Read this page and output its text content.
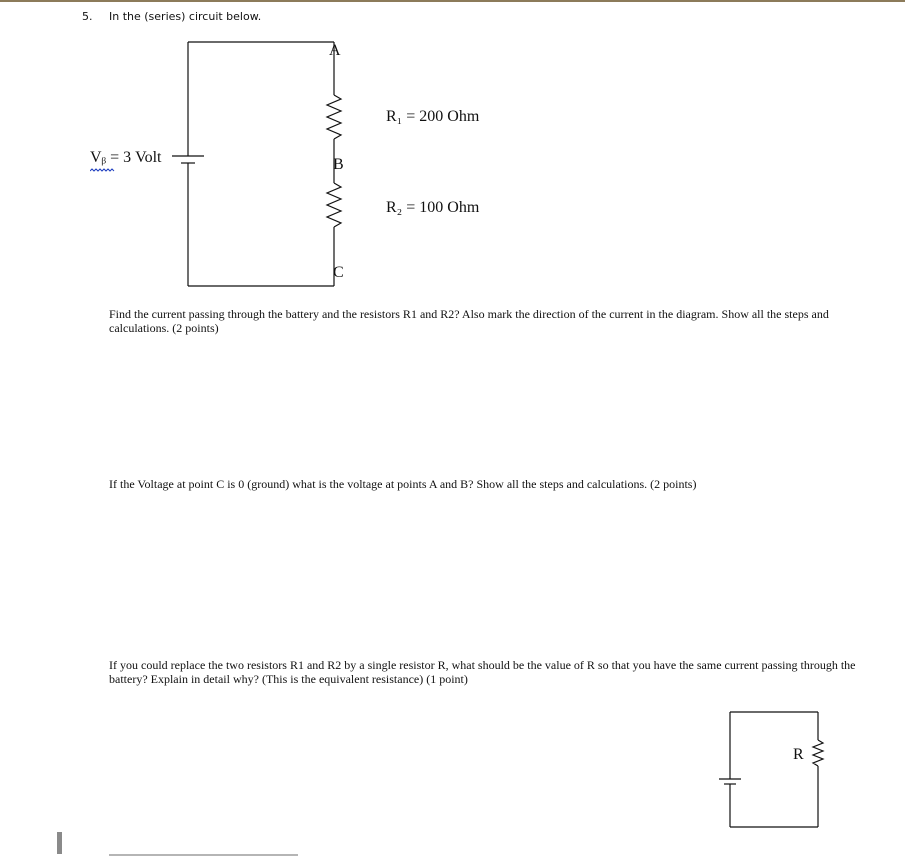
5. In the (series) circuit below.
A
B
C
R₁ = 200 Ohm
R₂ = 100 Ohm
Vᵦ = 3 Volt
Find the current passing through the battery and the resistors R1 and R2? Also mark the direction of the current in the diagram. Show all the steps and calculations. (2 points)
If the Voltage at point C is 0 (ground) what is the voltage at points A and B? Show all the steps and calculations. (2 points)
If you could replace the two resistors R1 and R2 by a single resistor R, what should be the value of R so that you have the same current passing through the battery? Explain in detail why? (This is the equivalent resistance) (1 point)
R
